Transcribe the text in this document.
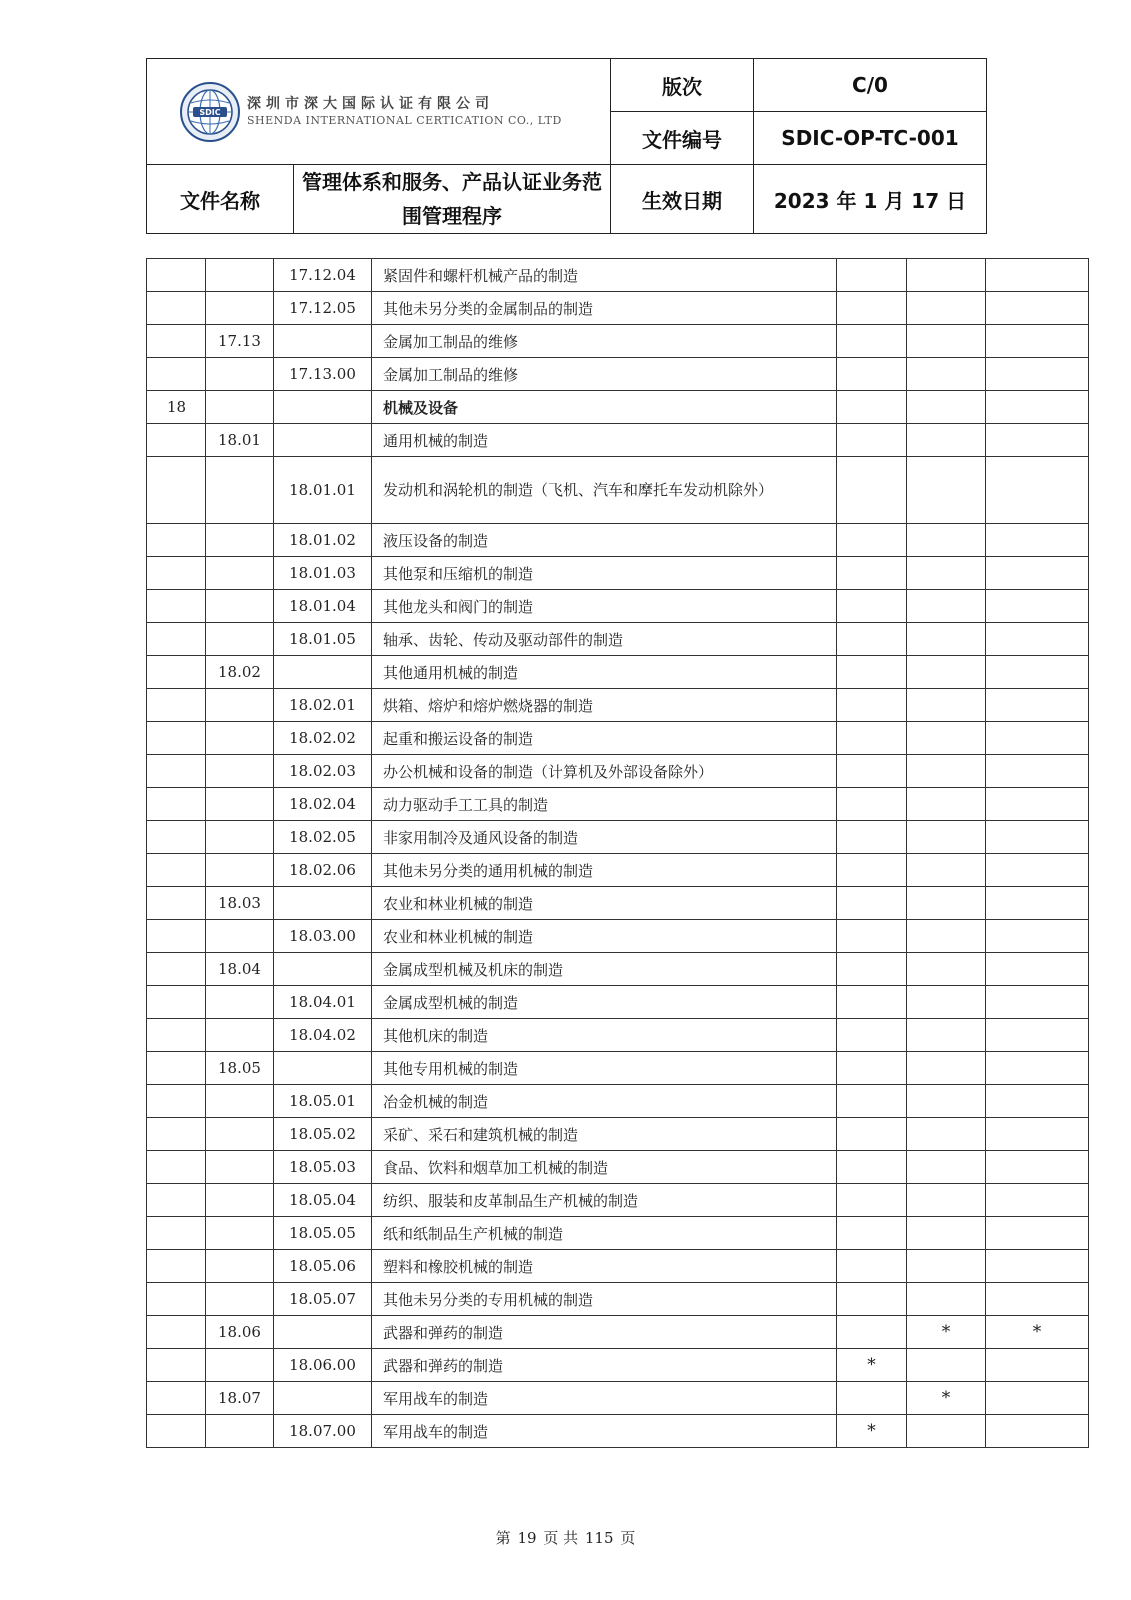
SDIC
深圳市深大国际认证有限公司
SHENDA INTERNATIONAL CERTICATION CO., LTD		版次	C/0
		文件编号	SDIC-OP-TC-001
文件名称	管理体系和服务、产品认证业务范
围管理程序	生效日期	2023 年 1 月 17 日
		17.12.04	紧固件和螺杆机械产品的制造			
		17.12.05	其他未另分类的金属制品的制造			
	17.13		金属加工制品的维修			
		17.13.00	金属加工制品的维修			
18			机械及设备			
	18.01		通用机械的制造			
		18.01.01	发动机和涡轮机的制造（飞机、汽车和摩托车发动机除外）			
		18.01.02	液压设备的制造			
		18.01.03	其他泵和压缩机的制造			
		18.01.04	其他龙头和阀门的制造			
		18.01.05	轴承、齿轮、传动及驱动部件的制造			
	18.02		其他通用机械的制造			
		18.02.01	烘箱、熔炉和熔炉燃烧器的制造			
		18.02.02	起重和搬运设备的制造			
		18.02.03	办公机械和设备的制造（计算机及外部设备除外）			
		18.02.04	动力驱动手工工具的制造			
		18.02.05	非家用制冷及通风设备的制造			
		18.02.06	其他未另分类的通用机械的制造			
	18.03		农业和林业机械的制造			
		18.03.00	农业和林业机械的制造			
	18.04		金属成型机械及机床的制造			
		18.04.01	金属成型机械的制造			
		18.04.02	其他机床的制造			
	18.05		其他专用机械的制造			
		18.05.01	冶金机械的制造			
		18.05.02	采矿、采石和建筑机械的制造			
		18.05.03	食品、饮料和烟草加工机械的制造			
		18.05.04	纺织、服装和皮革制品生产机械的制造			
		18.05.05	纸和纸制品生产机械的制造			
		18.05.06	塑料和橡胶机械的制造			
		18.05.07	其他未另分类的专用机械的制造			
	18.06		武器和弹药的制造		*	*
		18.06.00	武器和弹药的制造	*		
	18.07		军用战车的制造		*	
		18.07.00	军用战车的制造	*		
第 19 页 共 115 页
